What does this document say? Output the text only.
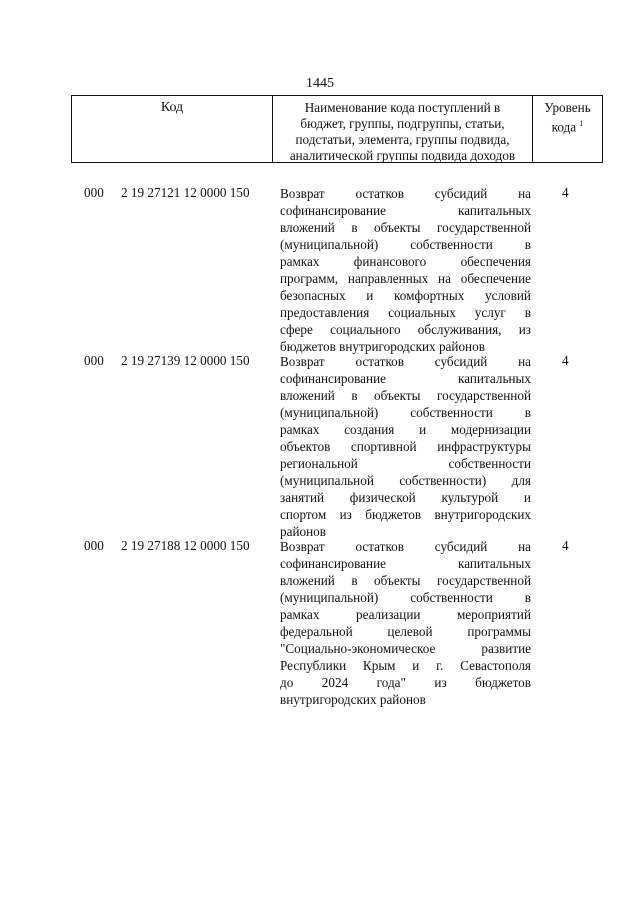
1445
Код	Наименование кода поступлений в
бюджет, группы, подгруппы, статьи,
подстатьи, элемента, группы подвида,
аналитической группы подвида доходов
Уровень
кода $^1$
000 2 19 27121 12 0000 150 Возврат остатков субсидий на
софинансирование капитальных
вложений в объекты государственной
(муниципальной) собственности в
рамках финансового обеспечения
программ, направленных на обеспечение
безопасных и комфортных условий
предоставления социальных услуг в
сфере социального обслуживания, из
бюджетов внутригородских районов
4
000 2 19 27139 12 0000 150 Возврат остатков субсидий на
софинансирование капитальных
вложений в объекты государственной
(муниципальной) собственности в
рамках создания и модернизации
объектов спортивной инфраструктуры
региональной собственности
(муниципальной собственности) для
занятий физической культурой и
спортом из бюджетов внутригородских
районов
4
000 2 19 27188 12 0000 150 Возврат остатков субсидий на
софинансирование капитальных
вложений в объекты государственной
(муниципальной) собственности в
рамках реализации мероприятий
федеральной целевой программы
"Социально-экономическое развитие
Республики Крым и г. Севастополя
до 2024 года" из бюджетов
внутригородских районов
4
